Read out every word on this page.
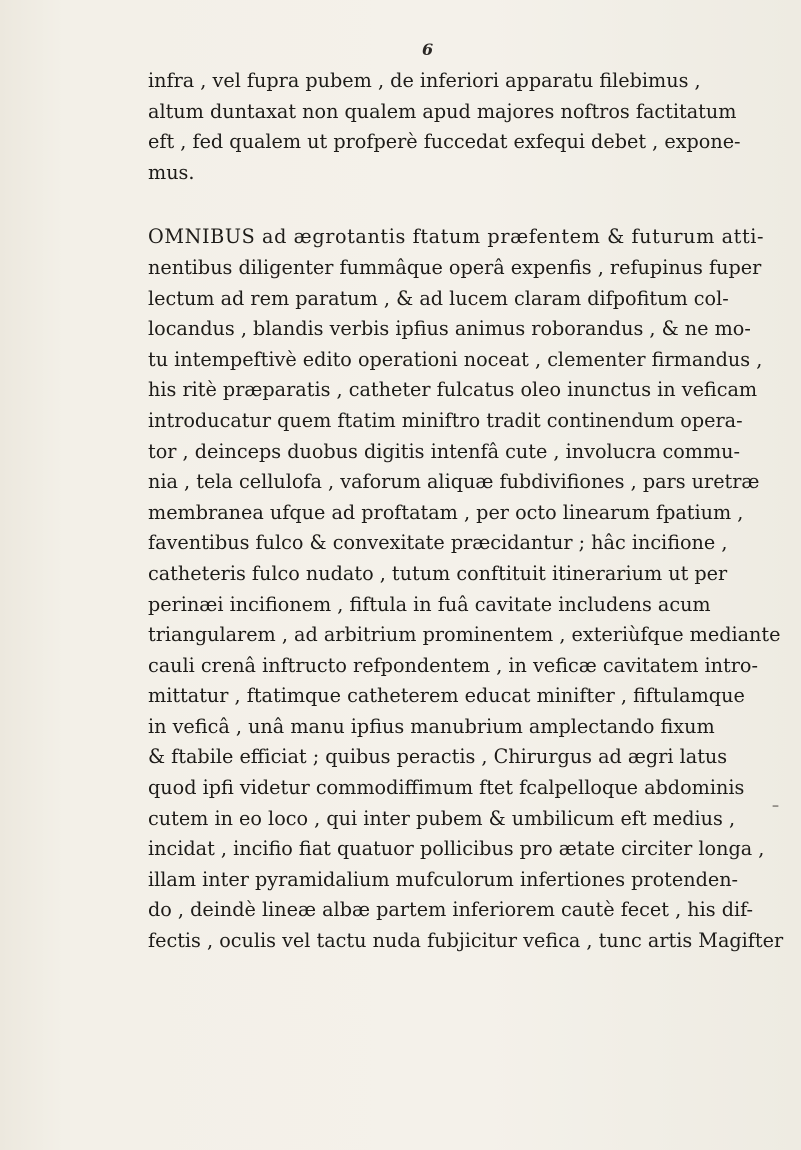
6
infra , vel fupra pubem , de inferiori apparatu filebimus ,
altum duntaxat non qualem apud majores noftros factitatum
eft , fed qualem ut profperè fuccedat exfequi debet , expone-
mus.
OMNIBUS ad ægrotantis ftatum præfentem & futurum atti-
nentibus diligenter fummâque operâ expenfis , refupinus fuper
lectum ad rem paratum , & ad lucem claram difpofitum col-
locandus , blandis verbis ipfius animus roborandus , & ne mo-
tu intempeftivè edito operationi noceat , clementer firmandus ,
his ritè præparatis , catheter fulcatus oleo inunctus in veficam
introducatur quem ftatim miniftro tradit continendum opera-
tor , deinceps duobus digitis intenfâ cute , involucra commu-
nia , tela cellulofa , vaforum aliquæ fubdivifiones , pars uretræ
membranea ufque ad proftatam , per octo linearum fpatium ,
faventibus fulco & convexitate præcidantur ; hâc incifione ,
catheteris fulco nudato , tutum conftituit itinerarium ut per
perinæi incifionem , fiftula in fuâ cavitate includens acum
triangularem , ad arbitrium prominentem , exteriùfque mediante
cauli crenâ inftructo refpondentem , in veficæ cavitatem intro-
mittatur , ftatimque catheterem educat minifter , fiftulamque
in veficâ , unâ manu ipfius manubrium amplectando fixum
& ftabile efficiat ; quibus peractis , Chirurgus ad ægri latus
quod ipfi videtur commodiffimum ftet fcalpelloque abdominis
cutem in eo loco , qui inter pubem & umbilicum eft medius ,
incidat , incifio fiat quatuor pollicibus pro ætate circiter longa ,
illam inter pyramidalium mufculorum infertiones protenden-
do , deindè lineæ albæ partem inferiorem cautè fecet , his dif-
fectis , oculis vel tactu nuda fubjicitur vefica , tunc artis Magifter
–
